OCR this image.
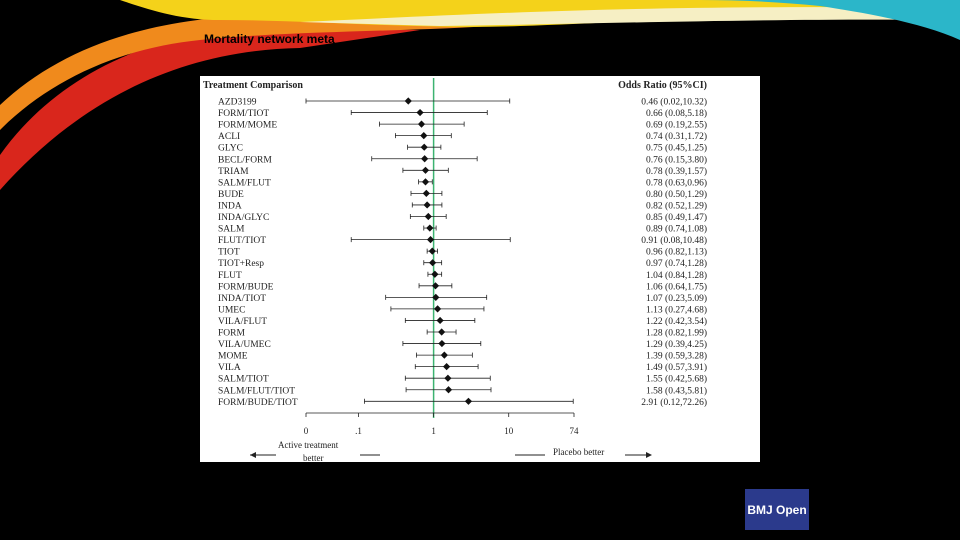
Mortality network meta
Treatment Comparison	Odds Ratio (95%CI)
AZD3199	0.46 (0.02,10.32)
FORM/TIOT	0.66 (0.08,5.18)
FORM/MOME	0.69 (0.19,2.55)
ACLI	0.74 (0.31,1.72)
GLYC	0.75 (0.45,1.25)
BECL/FORM	0.76 (0.15,3.80)
TRIAM	0.78 (0.39,1.57)
SALM/FLUT	0.78 (0.63,0.96)
BUDE	0.80 (0.50,1.29)
INDA	0.82 (0.52,1.29)
INDA/GLYC	0.85 (0.49,1.47)
SALM	0.89 (0.74,1.08)
FLUT/TIOT	0.91 (0.08,10.48)
TIOT	0.96 (0.82,1.13)
TIOT+Resp	0.97 (0.74,1.28)
FLUT	1.04 (0.84,1.28)
FORM/BUDE	1.06 (0.64,1.75)
INDA/TIOT	1.07 (0.23,5.09)
UMEC	1.13 (0.27,4.68)
VILA/FLUT	1.22 (0.42,3.54)
FORM	1.28 (0.82,1.99)
VILA/UMEC	1.29 (0.39,4.25)
MOME	1.39 (0.59,3.28)
VILA	1.49 (0.57,3.91)
SALM/TIOT	1.55 (0.42,5.68)
SALM/FLUT/TIOT	1.58 (0.43,5.81)
FORM/BUDE/TIOT	2.91 (0.12,72.26)
0	.1	1	10	74
Active treatment
better
Placebo better
BMJ Open
